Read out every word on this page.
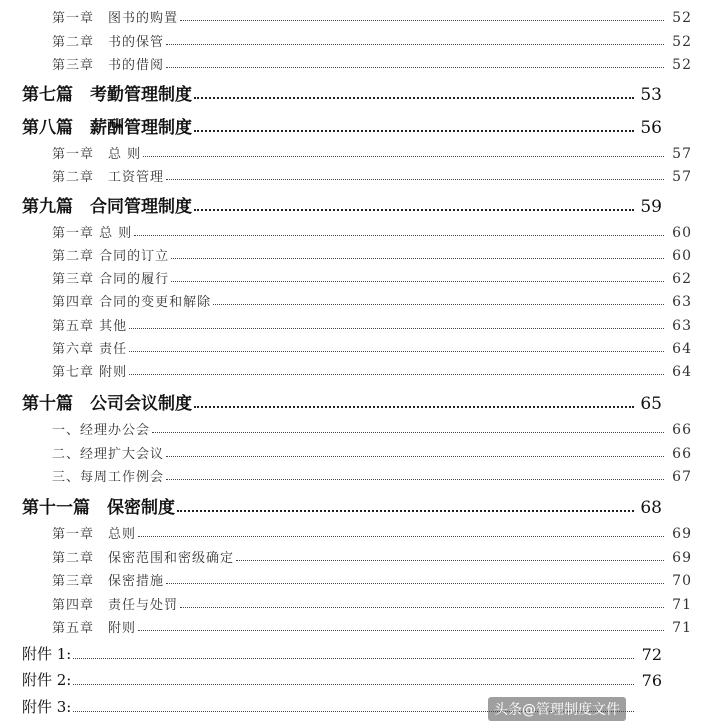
第一章　图书的购置	52
第二章　书的保管	52
第三章　书的借阅	52
第七篇　考勤管理制度	53
第八篇　薪酬管理制度	56
第一章　总 则	57
第二章　工资管理	57
第九篇　合同管理制度	59
第一章 总 则	60
第二章 合同的订立	60
第三章 合同的履行	62
第四章 合同的变更和解除	63
第五章 其他	63
第六章 责任	64
第七章 附则	64
第十篇　公司会议制度	65
一、经理办公会	66
二、经理扩大会议	66
三、每周工作例会	67
第十一篇　保密制度	68
第一章　总则	69
第二章　保密范围和密级确定	69
第三章　保密措施	70
第四章　责任与处罚	71
第五章　附则	71
附件 1:	72
附件 2:	76
附件 3:	头条@管理制度文件
